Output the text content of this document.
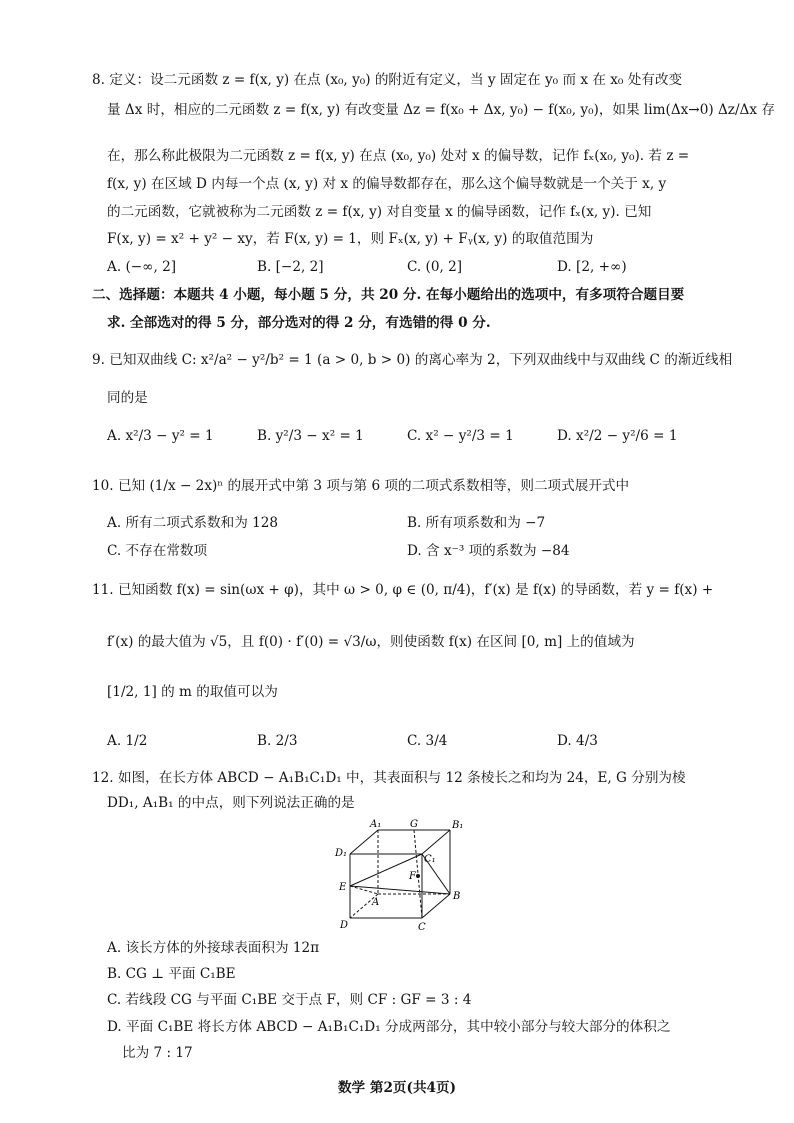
8. 定义：设二元函数 z = f(x, y) 在点 (x₀, y₀) 的附近有定义，当 y 固定在 y₀ 而 x 在 x₀ 处有改变
量 Δx 时，相应的二元函数 z = f(x, y) 有改变量 Δz = f(x₀ + Δx, y₀) − f(x₀, y₀)，如果 lim(Δx→0) Δz/Δx 存
在，那么称此极限为二元函数 z = f(x, y) 在点 (x₀, y₀) 处对 x 的偏导数，记作 fₓ(x₀, y₀). 若 z =
f(x, y) 在区域 D 内每一个点 (x, y) 对 x 的偏导数都存在，那么这个偏导数就是一个关于 x, y
的二元函数，它就被称为二元函数 z = f(x, y) 对自变量 x 的偏导函数，记作 fₓ(x, y). 已知
F(x, y) = x² + y² − xy，若 F(x, y) = 1，则 Fₓ(x, y) + Fᵧ(x, y) 的取值范围为
A. (−∞, 2]	B. [−2, 2]	C. (0, 2]	D. [2, +∞)
二、选择题：本题共 4 小题，每小题 5 分，共 20 分. 在每小题给出的选项中，有多项符合题目要
求. 全部选对的得 5 分，部分选对的得 2 分，有选错的得 0 分.
9. 已知双曲线 C: x²/a² − y²/b² = 1 (a > 0, b > 0) 的离心率为 2，下列双曲线中与双曲线 C 的渐近线相
同的是
A. x²/3 − y² = 1	B. y²/3 − x² = 1	C. x² − y²/3 = 1	D. x²/2 − y²/6 = 1
10. 已知 (1/x − 2x)ⁿ 的展开式中第 3 项与第 6 项的二项式系数相等，则二项式展开式中
A. 所有二项式系数和为 128	B. 所有项系数和为 −7
C. 不存在常数项	D. 含 x⁻³ 项的系数为 −84
11. 已知函数 f(x) = sin(ωx + φ)，其中 ω > 0, φ ∈ (0, π/4)，f′(x) 是 f(x) 的导函数，若 y = f(x) +
f′(x) 的最大值为 √5，且 f(0) · f′(0) = √3/ω，则使函数 f(x) 在区间 [0, m] 上的值域为
[1/2, 1] 的 m 的取值可以为
A. 1/2	B. 2/3	C. 3/4	D. 4/3
12. 如图，在长方体 ABCD − A₁B₁C₁D₁ 中，其表面积与 12 条棱长之和均为 24，E, G 分别为棱
DD₁, A₁B₁ 的中点，则下列说法正确的是
A₁	G	B₁
D₁
C₁
F
E
B
A
D	C
A. 该长方体的外接球表面积为 12π
B. CG ⊥ 平面 C₁BE
C. 若线段 CG 与平面 C₁BE 交于点 F，则 CF : GF = 3 : 4
D. 平面 C₁BE 将长方体 ABCD − A₁B₁C₁D₁ 分成两部分，其中较小部分与较大部分的体积之
比为 7 : 17
数学 第2页(共4页)
